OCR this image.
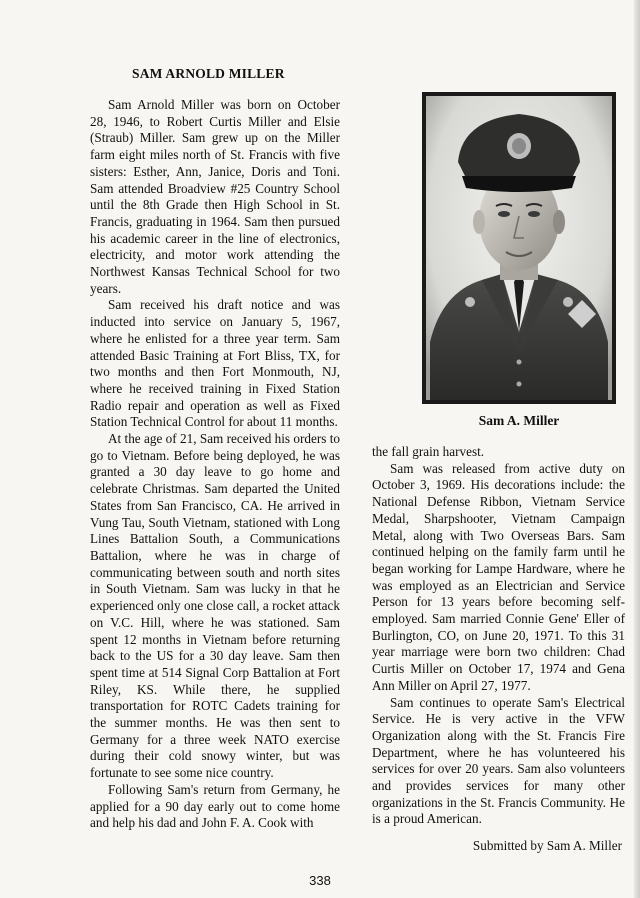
SAM ARNOLD MILLER

Sam Arnold Miller was born on October 28, 1946, to Robert Curtis Miller and Elsie (Straub) Miller. Sam grew up on the Miller farm eight miles north of St. Francis with five sisters: Esther, Ann, Janice, Doris and Toni. Sam attended Broadview #25 Country School until the 8th Grade then High School in St. Francis, graduating in 1964. Sam then pursued his academic career in the line of electronics, electricity, and motor work attending the Northwest Kansas Technical School for two years.

Sam received his draft notice and was inducted into service on January 5, 1967, where he enlisted for a three year term. Sam attended Basic Training at Fort Bliss, TX, for two months and then Fort Monmouth, NJ, where he received training in Fixed Station Radio repair and operation as well as Fixed Station Technical Control for about 11 months.

At the age of 21, Sam received his orders to go to Vietnam. Before being deployed, he was granted a 30 day leave to go home and celebrate Christmas. Sam departed the United States from San Francisco, CA. He arrived in Vung Tau, South Vietnam, stationed with Long Lines Battalion South, a Communications Battalion, where he was in charge of communicating between south and north sites in South Vietnam. Sam was lucky in that he experienced only one close call, a rocket attack on V.C. Hill, where he was stationed. Sam spent 12 months in Vietnam before returning back to the US for a 30 day leave. Sam then spent time at 514 Signal Corp Battalion at Fort Riley, KS. While there, he supplied transportation for ROTC Cadets training for the summer months. He was then sent to Germany for a three week NATO exercise during their cold snowy winter, but was fortunate to see some nice country.

Following Sam's return from Germany, he applied for a 90 day early out to come home and help his dad and John F. A. Cook with

Sam A. Miller

the fall grain harvest.

Sam was released from active duty on October 3, 1969. His decorations include: the National Defense Ribbon, Vietnam Service Medal, Sharpshooter, Vietnam Campaign Metal, along with Two Overseas Bars. Sam continued helping on the family farm until he began working for Lampe Hardware, where he was employed as an Electrician and Service Person for 13 years before becoming self-employed. Sam married Connie Gene' Eller of Burlington, CO, on June 20, 1971. To this 31 year marriage were born two children: Chad Curtis Miller on October 17, 1974 and Gena Ann Miller on April 27, 1977.

Sam continues to operate Sam's Electrical Service. He is very active in the VFW Organization along with the St. Francis Fire Department, where he has volunteered his services for over 20 years. Sam also volunteers and provides services for many other organizations in the St. Francis Community. He is a proud American.

Submitted by Sam A. Miller
338
